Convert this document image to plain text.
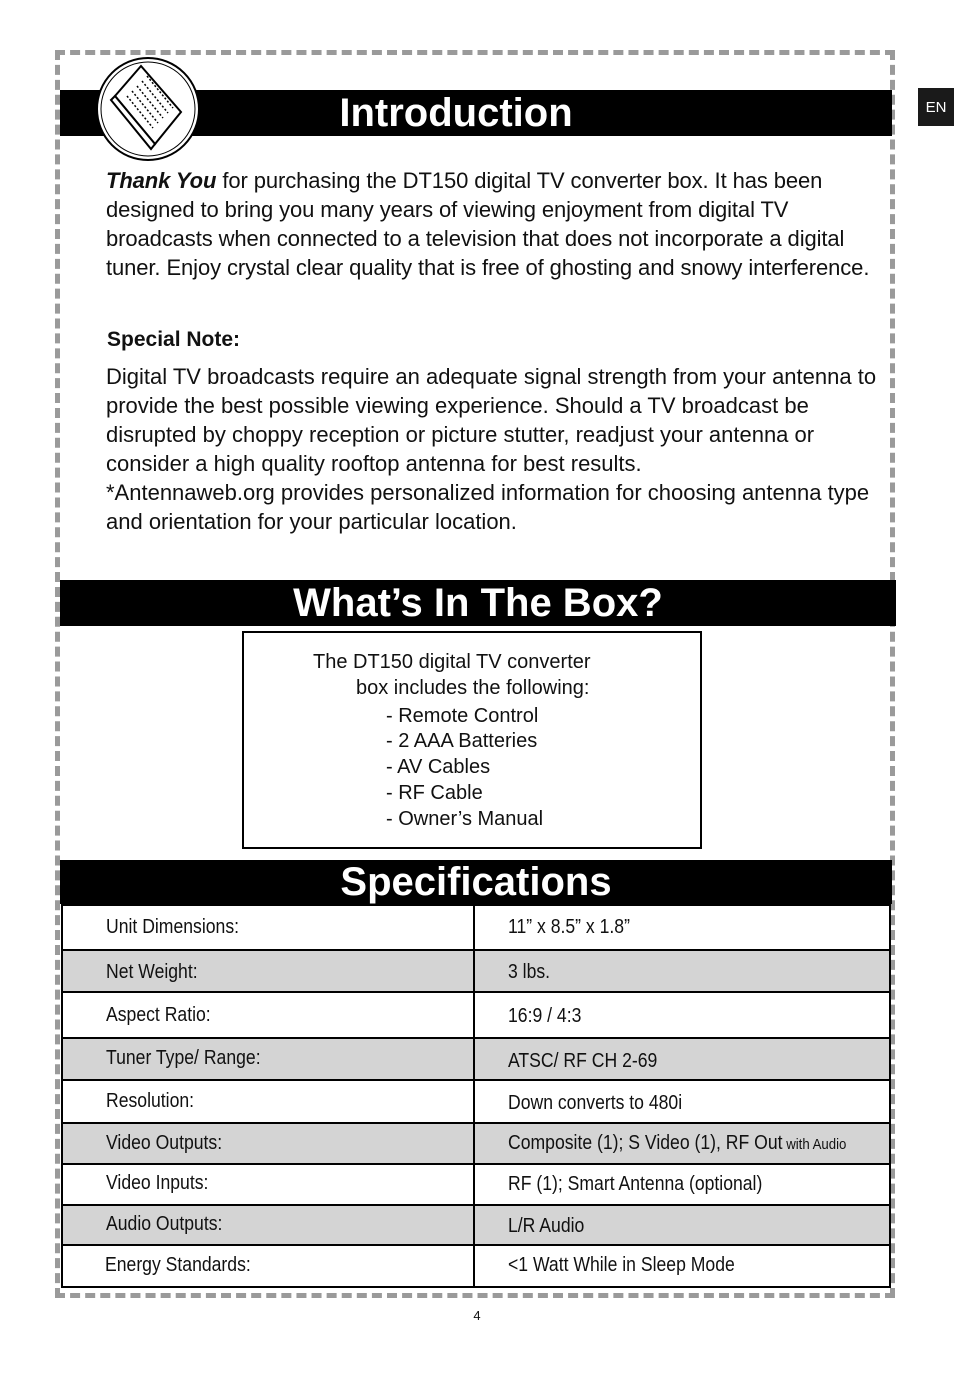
EN
Introduction
Thank You for purchasing the DT150 digital TV converter box. It has been designed to bring you many years of viewing enjoyment from digital TV broadcasts when connected to a television that does not incorporate a digital tuner. Enjoy crystal clear quality that is free of ghosting and snowy interference.
Special Note:
Digital TV broadcasts require an adequate signal strength from your antenna to provide the best possible viewing experience. Should a TV broadcast be disrupted by choppy reception or picture stutter, readjust your antenna or consider a high quality rooftop antenna for best results.
*Antennaweb.org provides personalized information for choosing antenna type and orientation for your particular location.
What’s In The Box?
The DT150 digital TV converter
box includes the following:
- Remote Control
- 2 AAA Batteries
- AV Cables
- RF Cable
- Owner’s Manual
Specifications
Unit Dimensions:	11” x 8.5” x 1.8”
Net Weight:	3 lbs.
Aspect Ratio:	16:9 / 4:3
Tuner Type/ Range:	ATSC/ RF CH 2-69
Resolution:	Down converts to 480i
Video Outputs:	Composite (1); S Video (1), RF Out with Audio
Video Inputs:	RF (1); Smart Antenna (optional)
Audio Outputs:	L/R Audio
Energy Standards:	<1 Watt While in Sleep Mode
4
